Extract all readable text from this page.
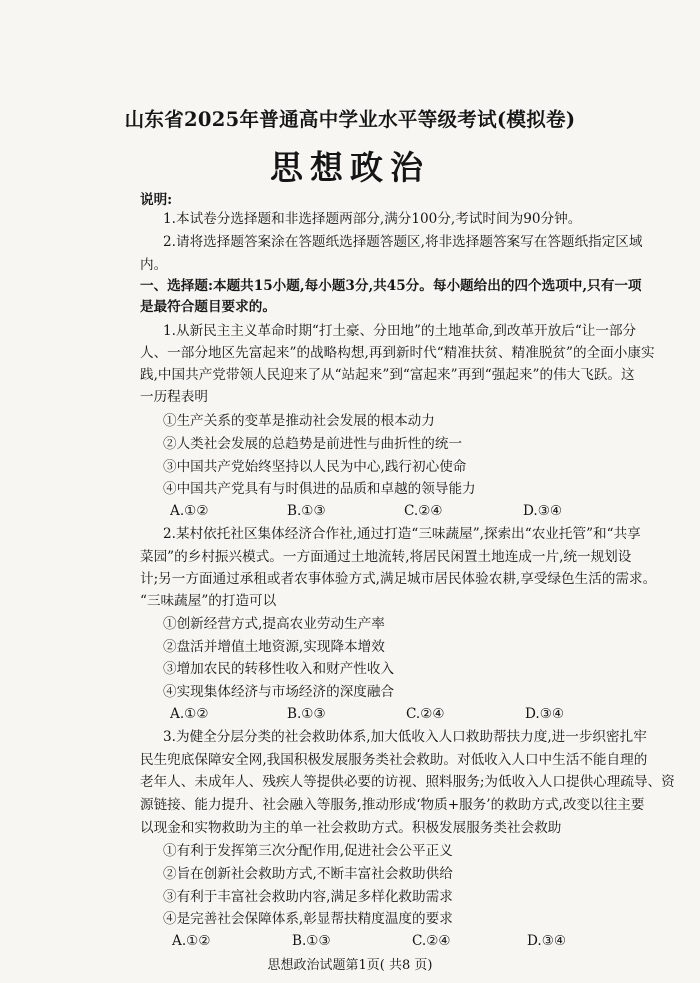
山东省2025年普通高中学业水平等级考试(模拟卷)
思想政治
说明:
1.本试卷分选择题和非选择题两部分,满分100分,考试时间为90分钟。
2.请将选择题答案涂在答题纸选择题答题区,将非选择题答案写在答题纸指定区域
内。
一、选择题:本题共15小题,每小题3分,共45分。每小题给出的四个选项中,只有一项
是最符合题目要求的。
1.从新民主主义革命时期“打土豪、分田地”的土地革命,到改革开放后“让一部分
人、一部分地区先富起来”的战略构想,再到新时代“精准扶贫、精准脱贫”的全面小康实
践,中国共产党带领人民迎来了从“站起来”到“富起来”再到“强起来”的伟大飞跃。这
一历程表明
①生产关系的变革是推动社会发展的根本动力
②人类社会发展的总趋势是前进性与曲折性的统一
③中国共产党始终坚持以人民为中心,践行初心使命
④中国共产党具有与时俱进的品质和卓越的领导能力
A.①②	B.①③	C.②④	D.③④
2.某村依托社区集体经济合作社,通过打造“三味蔬屋”,探索出“农业托管”和“共享
菜园”的乡村振兴模式。一方面通过土地流转,将居民闲置土地连成一片,统一规划设
计;另一方面通过承租或者农事体验方式,满足城市居民体验农耕,享受绿色生活的需求。
“三味蔬屋”的打造可以
①创新经营方式,提高农业劳动生产率
②盘活并增值土地资源,实现降本增效
③增加农民的转移性收入和财产性收入
④实现集体经济与市场经济的深度融合
A.①②	B.①③	C.②④	D.③④
3.为健全分层分类的社会救助体系,加大低收入人口救助帮扶力度,进一步织密扎牢
民生兜底保障安全网,我国积极发展服务类社会救助。对低收入人口中生活不能自理的
老年人、未成年人、残疾人等提供必要的访视、照料服务;为低收入人口提供心理疏导、资
源链接、能力提升、社会融入等服务,推动形成‘物质+服务’的救助方式,改变以往主要
以现金和实物救助为主的单一社会救助方式。积极发展服务类社会救助
①有利于发挥第三次分配作用,促进社会公平正义
②旨在创新社会救助方式,不断丰富社会救助供给
③有利于丰富社会救助内容,满足多样化救助需求
④是完善社会保障体系,彰显帮扶精度温度的要求
A.①②	B.①③	C.②④	D.③④
思想政治试题第1页( 共8 页)
